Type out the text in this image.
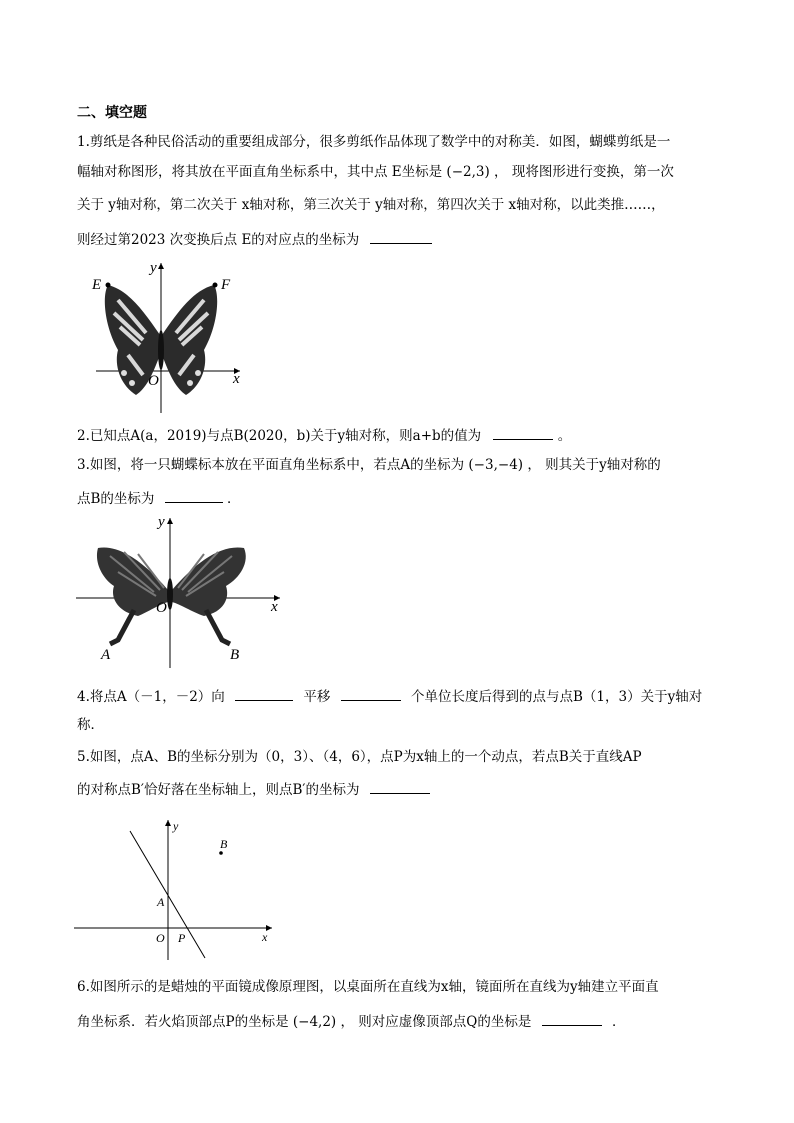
二、填空题
1.剪纸是各种民俗活动的重要组成部分，很多剪纸作品体现了数学中的对称美．如图，蝴蝶剪纸是一
幅轴对称图形，将其放在平面直角坐标系中，其中点 E坐标是 (−2,3) ， 现将图形进行变换，第一次
关于 y轴对称，第二次关于 x轴对称，第三次关于 y轴对称，第四次关于 x轴对称，以此类推……，
则经过第2023 次变换后点 E的对应点的坐标为
E	F
y
x
O
2.已知点A(a，2019)与点B(2020，b)关于y轴对称，则a+b的值为	。
3.如图，将一只蝴蝶标本放在平面直角坐标系中，若点A的坐标为 (−3,−4) ， 则其关于y轴对称的
点B的坐标为	．
y
x
O
A	B
4.将点A（－1，－2）向	平移	个单位长度后得到的点与点B（1，3）关于y轴对
称．
5.如图，点A、B的坐标分别为（0，3）、（4，6），点P为x轴上的一个动点，若点B关于直线AP
的对称点B′恰好落在坐标轴上，则点B′的坐标为
y
x
O P
A
B
6.如图所示的是蜡烛的平面镜成像原理图，以桌面所在直线为x轴，镜面所在直线为y轴建立平面直
角坐标系．若火焰顶部点P的坐标是 (−4,2) ， 则对应虚像顶部点Q的坐标是	．
